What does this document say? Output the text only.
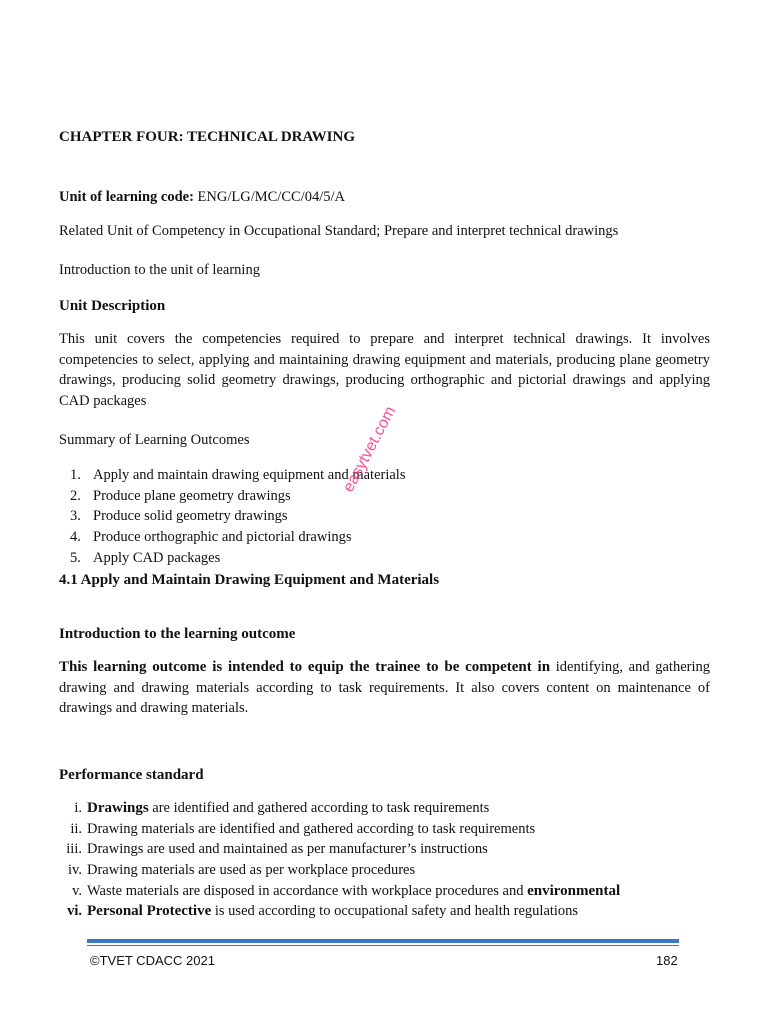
CHAPTER FOUR: TECHNICAL DRAWING
Unit of learning code: ENG/LG/MC/CC/04/5/A
Related Unit of Competency in Occupational Standard; Prepare and interpret technical drawings
Introduction to the unit of learning
Unit Description
This unit covers the competencies required to prepare and interpret technical drawings. It involves competencies to select, applying and maintaining drawing equipment and materials, producing plane geometry drawings, producing solid geometry drawings, producing orthographic and pictorial drawings and applying CAD packages
Summary of Learning Outcomes
1. Apply and maintain drawing equipment and materials
2. Produce plane geometry drawings
3. Produce solid geometry drawings
4. Produce orthographic and pictorial drawings
5. Apply CAD packages
4.1 Apply and Maintain Drawing Equipment and Materials
Introduction to the learning outcome
This learning outcome is intended to equip the trainee to be competent in identifying, and gathering drawing and drawing materials according to task requirements. It also covers content on maintenance of drawings and drawing materials.
Performance standard
i. Drawings are identified and gathered according to task requirements
ii. Drawing materials are identified and gathered according to task requirements
iii. Drawings are used and maintained as per manufacturer’s instructions
iv. Drawing materials are used as per workplace procedures
v. Waste materials are disposed in accordance with workplace procedures and environmental
vi. Personal Protective is used according to occupational safety and health regulations
easytvet.com
©TVET CDACC 2021	182
